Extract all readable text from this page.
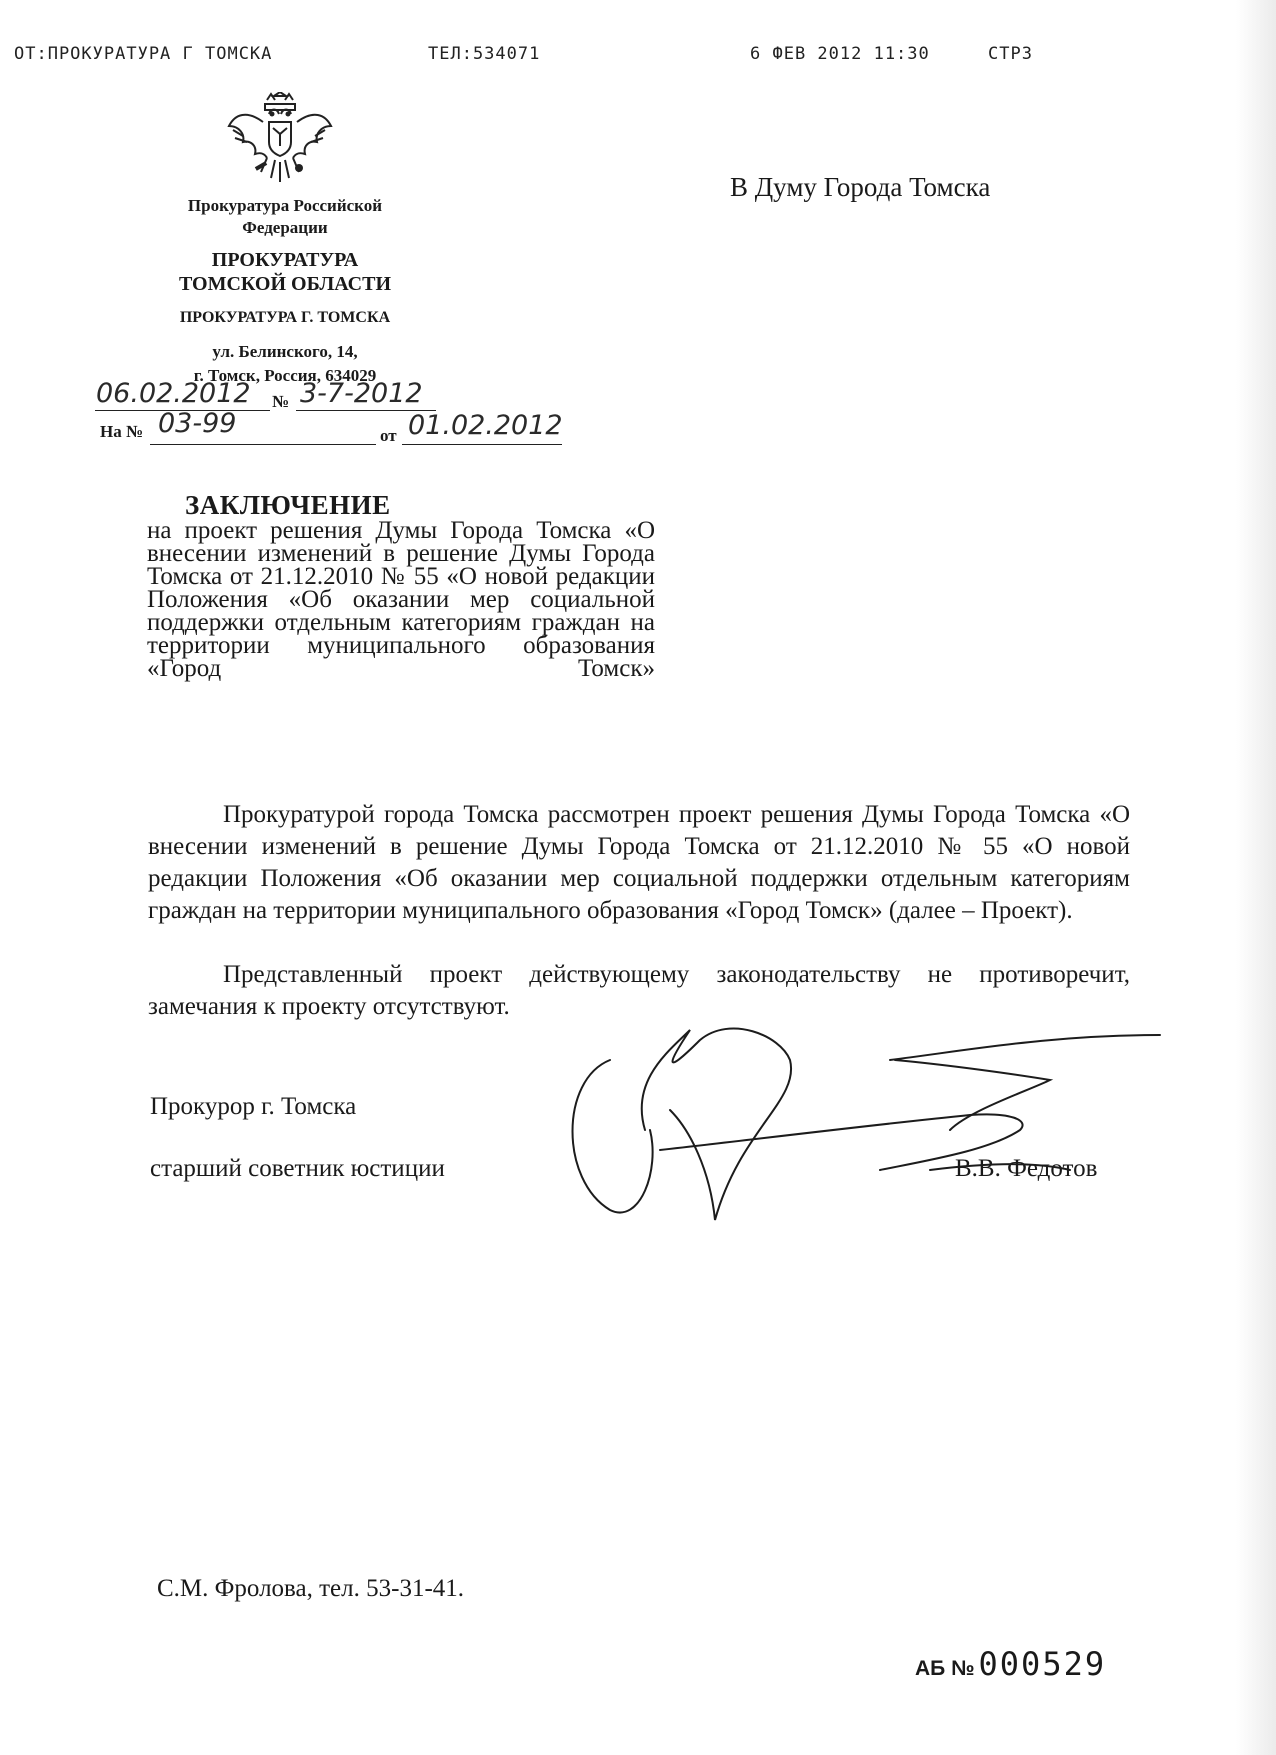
ОТ:ПРОКУРАТУРА Г ТОМСКА	ТЕЛ:534071	6 ФЕВ 2012 11:30	СТР3
Прокуратура Российской
Федерации
ПРОКУРАТУРА
ТОМСКОЙ ОБЛАСТИ
ПРОКУРАТУРА Г. ТОМСКА
ул. Белинского, 14,
г. Томск, Россия, 634029
06.02.2012 № 3-7-2012
На № 03-99	от 01.02.2012
В Думу Города Томска
ЗАКЛЮЧЕНИЕ
на проект решения Думы Города Томска «О внесении изменений в решение Думы Города Томска от 21.12.2010 № 55 «О новой редакции Положения «Об оказании мер социальной поддержки отдельным категориям граждан на территории муниципального образования «Город Томск»
Прокуратурой города Томска рассмотрен проект решения Думы Города Томска «О внесении изменений в решение Думы Города Томска от 21.12.2010 № 55 «О новой редакции Положения «Об оказании мер социальной поддержки отдельным категориям граждан на территории муниципального образования «Город Томск» (далее – Проект).
Представленный проект действующему законодательству не противоречит, замечания к проекту отсутствуют.
Прокурор г. Томска
старший советник юстиции	В.В. Федотов
С.М. Фролова, тел. 53-31-41.
АБ № 000529
